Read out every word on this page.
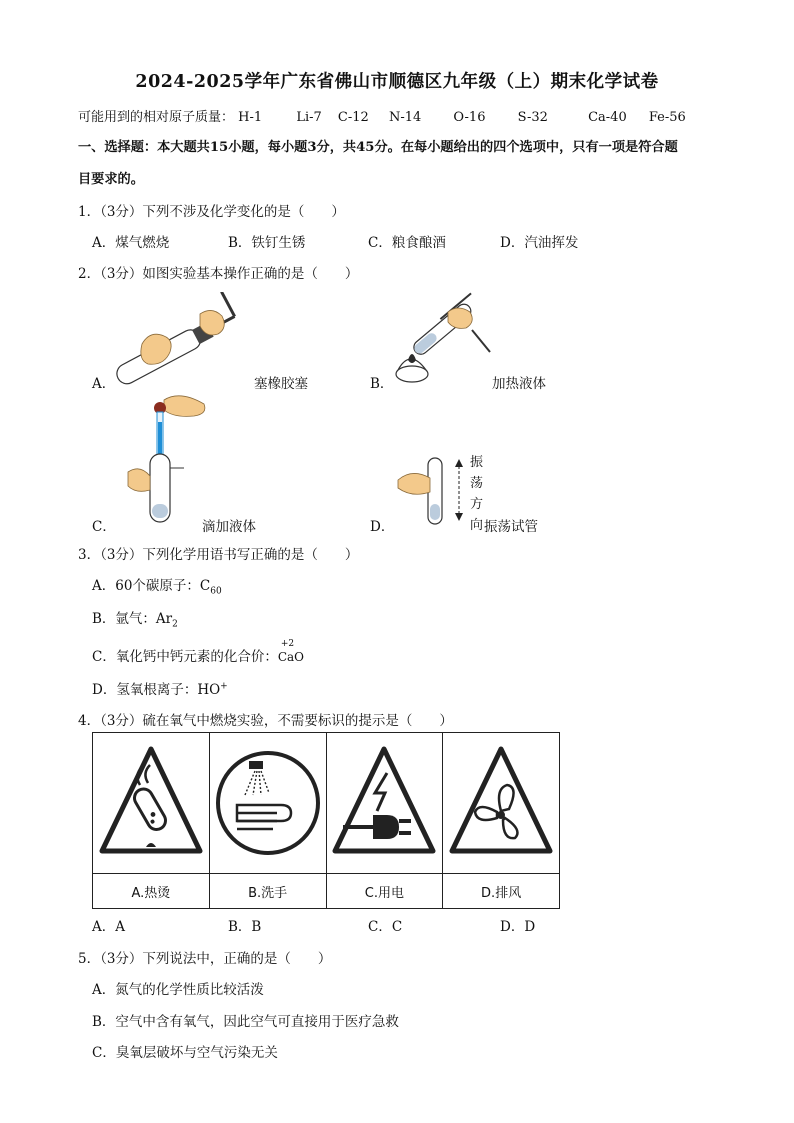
2024-2025学年广东省佛山市顺德区九年级（上）期末化学试卷
可能用到的相对原子质量： H-1	Li-7 C-12 N-14 O-16 S-32	Ca-40 Fe-56
一、选择题：本大题共15小题，每小题3分，共45分。在每小题给出的四个选项中，只有一项是符合题
目要求的。
1．（3分）下列不涉及化学变化的是（　　）
A．煤气燃烧	B．铁钉生锈	C．粮食酿酒	D．汽油挥发
2．（3分）如图实验基本操作正确的是（　　）
A．	塞橡胶塞	B．	加热液体
C．	滴加液体
振
荡
方
向
D．	振荡试管
3．（3分）下列化学用语书写正确的是（　　）
A．60个碳原子：$C_{60}$
B．氩气：$Ar_2$
C．氧化钙中钙元素的化合价：
+2
CaO
D．氢氧根离子：HO+
4．（3分）硫在氧气中燃烧实验，不需要标识的提示是（　　）

A.热烫	B.洗手	C.用电	D.排风
A．A	B．B	C．C	D．D
5．（3分）下列说法中，正确的是（　　）
A．氮气的化学性质比较活泼
B．空气中含有氧气，因此空气可直接用于医疗急救
C．臭氧层破坏与空气污染无关
